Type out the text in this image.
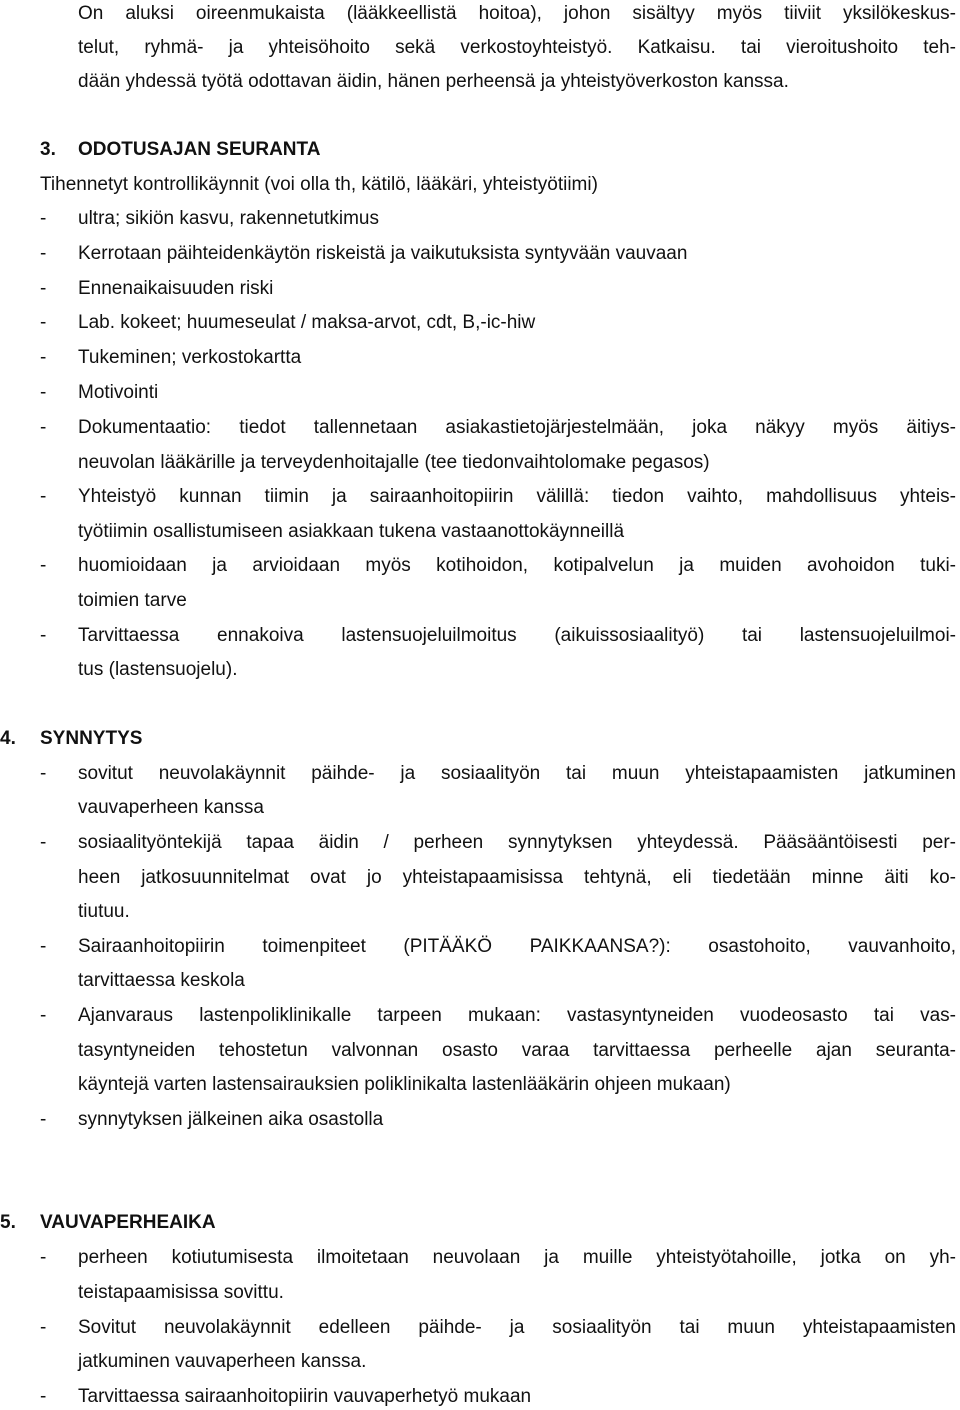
On aluksi oireenmukaista (lääkkeellistä hoitoa), johon sisältyy myös tiiviit yksilökeskus-
telut, ryhmä- ja yhteisöhoito sekä verkostoyhteistyö. Katkaisu. tai vieroitushoito teh-
dään yhdessä työtä odottavan äidin, hänen perheensä ja yhteistyöverkoston kanssa.
3. ODOTUSAJAN SEURANTA
Tihennetyt kontrollikäynnit (voi olla th, kätilö, lääkäri, yhteistyötiimi)
- ultra; sikiön kasvu, rakennetutkimus
- Kerrotaan päihteidenkäytön riskeistä ja vaikutuksista syntyvään vauvaan
- Ennenaikaisuuden riski
- Lab. kokeet; huumeseulat / maksa-arvot, cdt, B,-ic-hiw
- Tukeminen; verkostokartta
- Motivointi
- Dokumentaatio: tiedot tallennetaan asiakastietojärjestelmään, joka näkyy myös äitiys-
neuvolan lääkärille ja terveydenhoitajalle (tee tiedonvaihtolomake pegasos)
- Yhteistyö kunnan tiimin ja sairaanhoitopiirin välillä: tiedon vaihto, mahdollisuus yhteis-
työtiimin osallistumiseen asiakkaan tukena vastaanottokäynneillä
- huomioidaan ja arvioidaan myös kotihoidon, kotipalvelun ja muiden avohoidon tuki-
toimien tarve
- Tarvittaessa ennakoiva lastensuojeluilmoitus (aikuissosiaalityö) tai lastensuojeluilmoi-
tus (lastensuojelu).
4. SYNNYTYS
- sovitut neuvolakäynnit päihde- ja sosiaalityön tai muun yhteistapaamisten jatkuminen
vauvaperheen kanssa
- sosiaalityöntekijä tapaa äidin / perheen synnytyksen yhteydessä. Pääsääntöisesti per-
heen jatkosuunnitelmat ovat jo yhteistapaamisissa tehtynä, eli tiedetään minne äiti ko-
tiutuu.
- Sairaanhoitopiirin toimenpiteet (PITÄÄKÖ PAIKKAANSA?): osastohoito, vauvanhoito,
tarvittaessa keskola
- Ajanvaraus lastenpoliklinikalle tarpeen mukaan: vastasyntyneiden vuodeosasto tai vas-
tasyntyneiden tehostetun valvonnan osasto varaa tarvittaessa perheelle ajan seuranta-
käyntejä varten lastensairauksien poliklinikalta lastenlääkärin ohjeen mukaan)
- synnytyksen jälkeinen aika osastolla
5. VAUVAPERHEAIKA
- perheen kotiutumisesta ilmoitetaan neuvolaan ja muille yhteistyötahoille, jotka on yh-
teistapaamisissa sovittu.
- Sovitut neuvolakäynnit edelleen päihde- ja sosiaalityön tai muun yhteistapaamisten
jatkuminen vauvaperheen kanssa.
- Tarvittaessa sairaanhoitopiirin vauvaperhetyö mukaan
